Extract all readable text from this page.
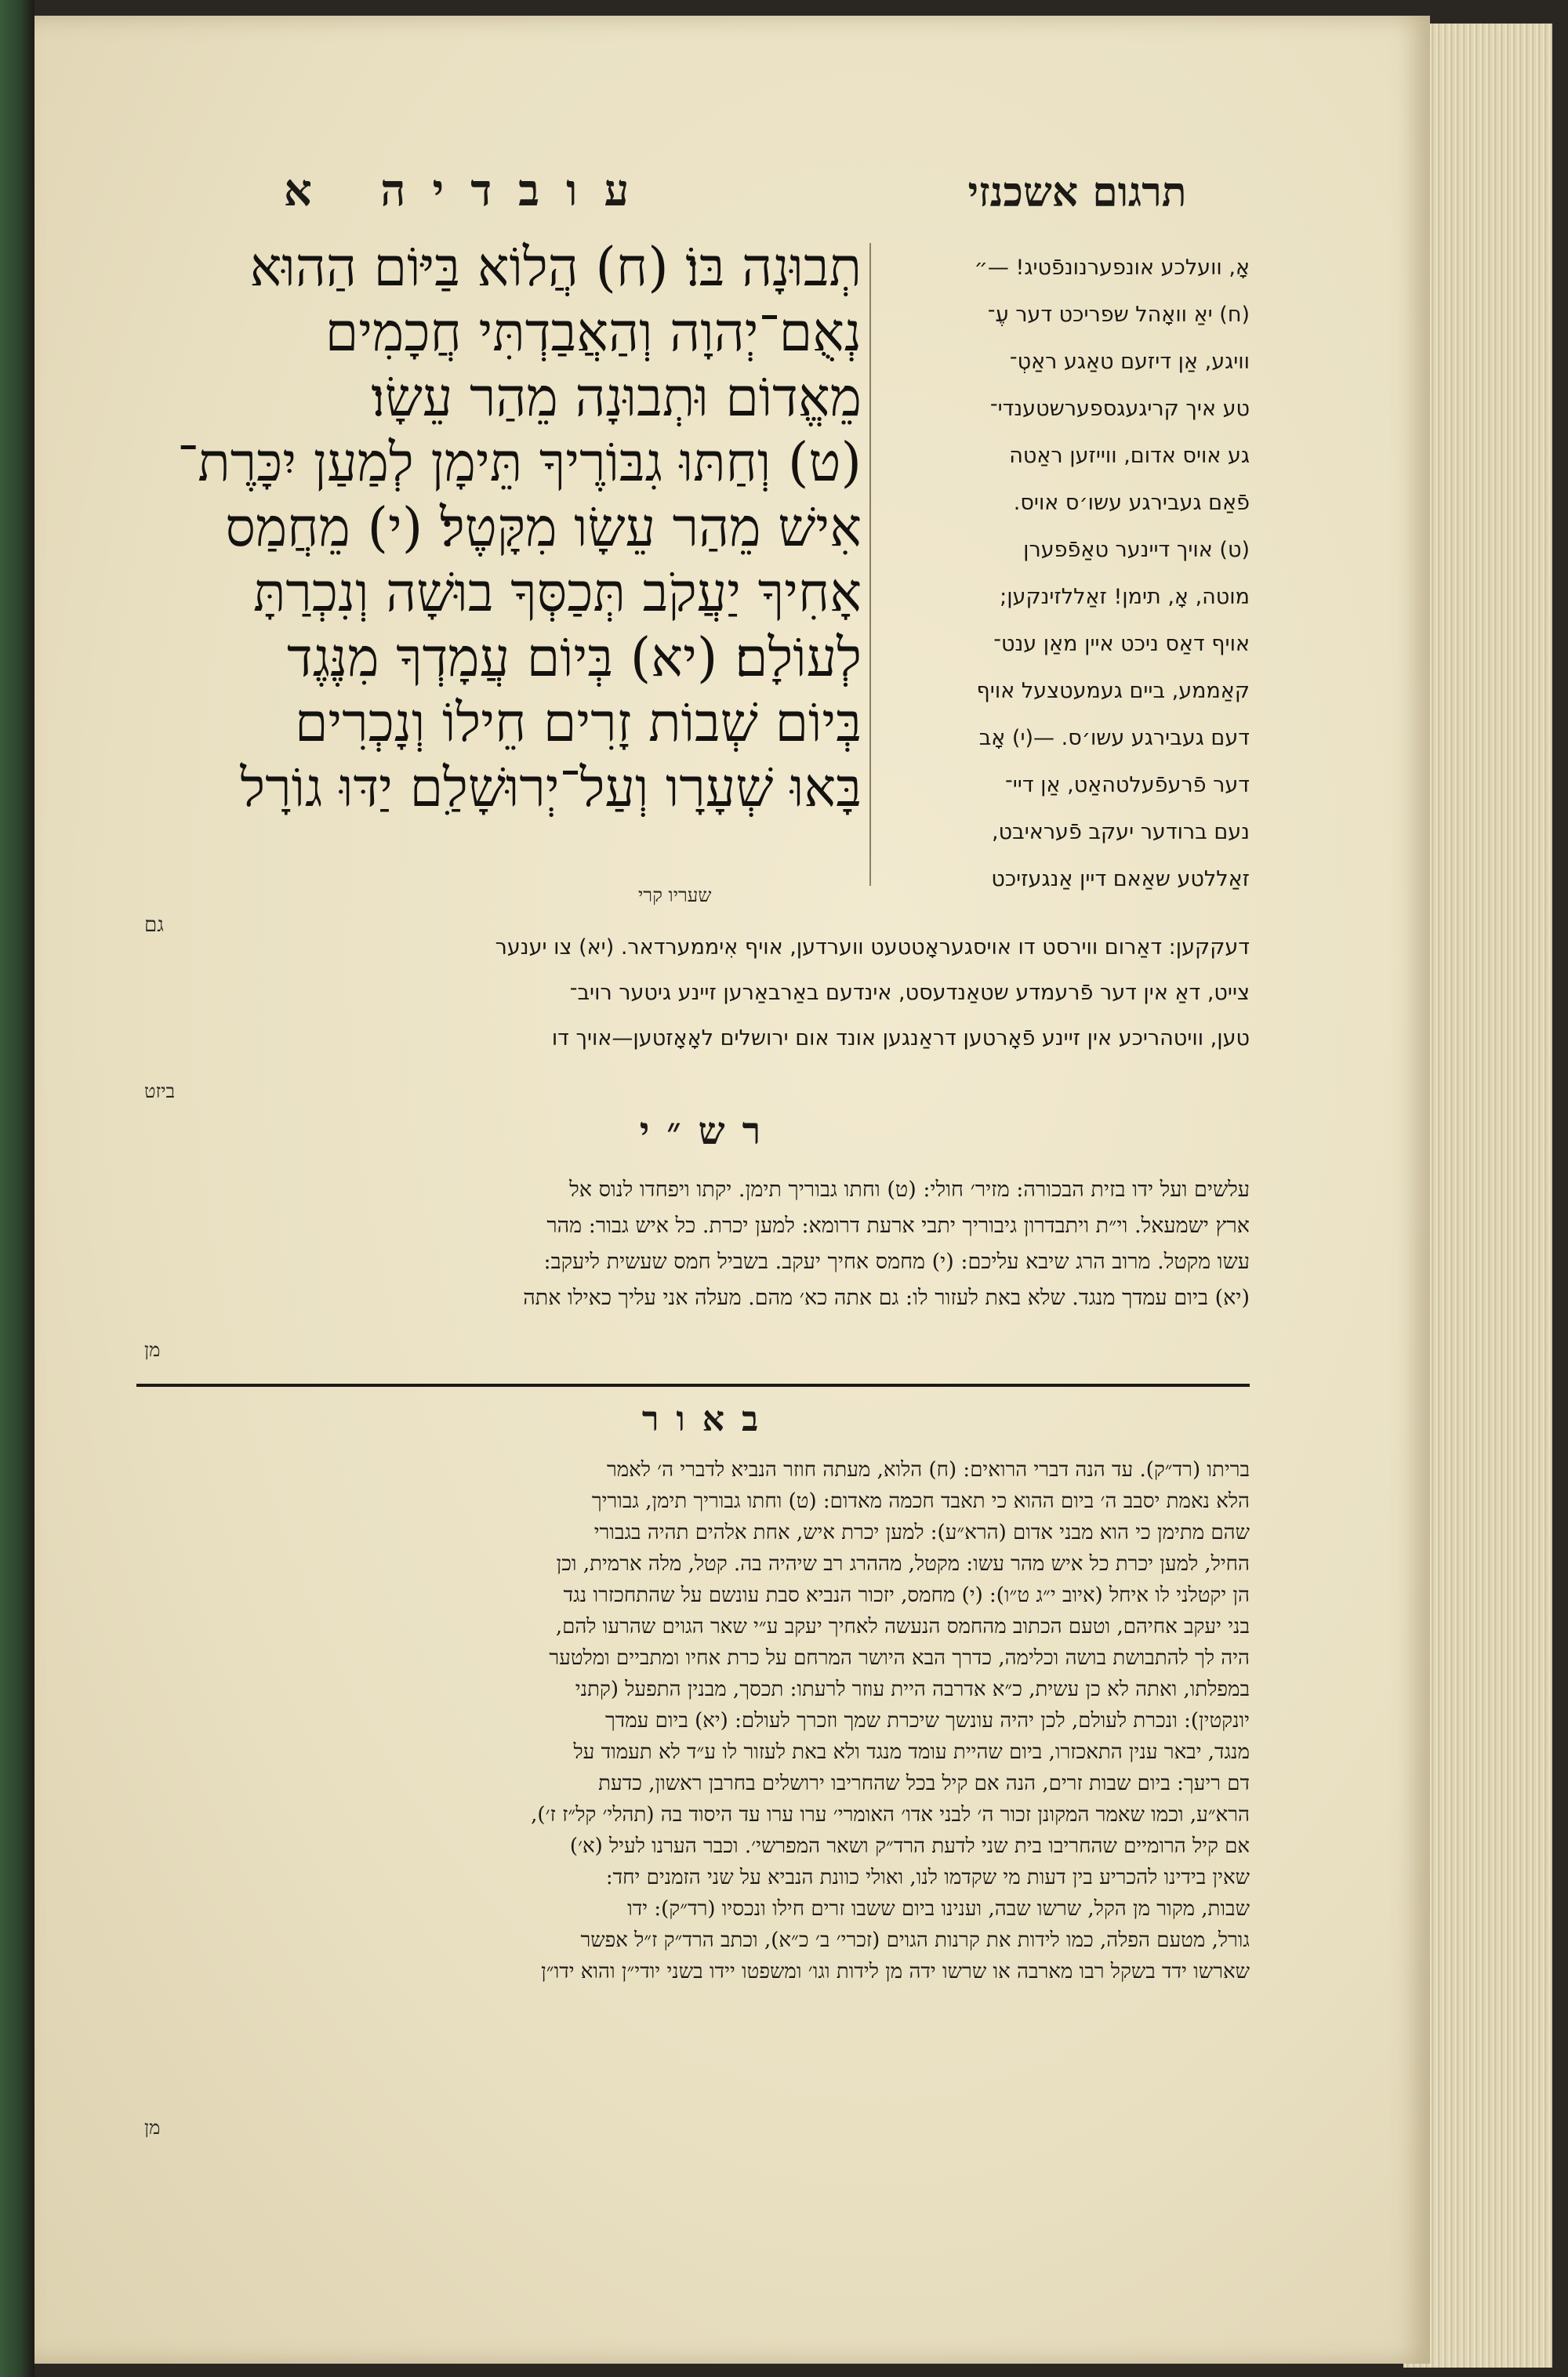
עובדיה א	תרגום אשכנזי
תְבוּנָה בּוֹ׃ (ח) הֲלוֹא בַּיּוֹם הַהוּא
נְאֻם־יְהוָה וְהַאֲבַדְתִּי חֲכָמִים
מֵאֱדוֹם וּתְבוּנָה מֵהַר עֵשָׂו׃
(ט) וְחַתּוּ גִבּוֹרֶיךָ תֵּימָן לְמַעַן יִכָּרֶת־
אִישׁ מֵהַר עֵשָׂו מִקָּטֶל׃ (י) מֵחֲמַס
אָחִיךָ יַעֲקֹב תְּכַסְּךָ בוּשָׁה וְנִכְרַתָּ
לְעוֹלָם׃ (יא) בְּיוֹם עֲמָדְךָ מִנֶּגֶד
בְּיוֹם שְׁבוֹת זָרִים חֵילוֹ וְנָכְרִים
בָּאוּ שְׁעָרָו וְעַל־יְרוּשָׁלִַם יַדּוּ גוֹרָל
אָ, וועלכע אונפערנונפֿטיג! —״
(ח) יאַ וואָהל שפריכט דער עֶ־
וויגע, אַן דיזעם טאַגע ראַטְ־
טע איך קריגעגספערשטענדי־
גע אויס אדום, ווייזען ראַטה
פֿאַם געבירגע עשו׳ס אויס.
(ט) אויך דיינער טאַפֿפערן
מוטה, אָ, תימן! זאַללזינקען;
אויף דאַס ניכט איין מאַן ענט־
קאַממע, ביים געמעטצעל אויף
דעם געבירגע עשו׳ס. —(י) אָב
דער פֿרעפֿעלטהאַט, אַן דיי־
נעם ברודער יעקב פֿעראיבט,
זאַללטע שאַאם דיין אַנגעזיכט
שעריו קרי
גם
דעקקען: דאַרום ווירסט דו אויסגעראָטטעט ווערדען, אויף אִיממערדאר. (יא) צו יענער
צייט, דאַ אין דער פֿרעמדע שטאַנדעסט, אינדעם באַרבאַרען זיינע גיטער רויב־
טען, וויטהריכע אין זיינע פֿאָרטען דראַנגען אונד אום ירושלים לאָאָזטען—אויך דו
ביזט
רש״י
עלשים ועל ידו בזית הבכורה: מזיר׳ חולי: (ט) וחתו גבוריך תימן. יקתו ויפחדו לנוס אל
ארץ ישמעאל. וי״ת ויתבדרון גיבוריך יתבי ארעת דרומא: למען יכרת. כל איש גבור: מהר
עשו מקטל. מרוב הרג שיבא עליכם: (י) מחמס אחיך יעקב. בשביל חמס שעשית ליעקב:
(יא) ביום עמדך מנגד. שלא באת לעזור לו: גם אתה כא׳ מהם. מעלה אני עליך כאילו אתה
מן
באור
בריתו (רד״ק). עד הנה דברי הרואים: (ח) הלוא, מעתה חוזר הנביא לדברי ה׳ לאמר
הלא נאמת יסבב ה׳ ביום ההוא כי תאבד חכמה מאדום: (ט) וחתו גבוריך תימן, גבוריך
שהם מתימן כי הוא מבני אדום (הרא״ע): למען יכרת איש, אחת אלהים תהיה בגבורי
החיל, למען יכרת כל איש מהר עשו: מקטל, מההרג רב שיהיה בה. קטל, מלה ארמית, וכן
הן יקטלני לו איחל (איוב י״ג ט״ו): (י) מחמס, יזכור הנביא סבת עונשם על שהתחכזרו נגד
בני יעקב אחיהם, וטעם הכתוב מהחמס הנעשה לאחיך יעקב ע״י שאר הגוים שהרעו להם,
היה לך להתבושת בושה וכלימה, כדרך הבא היושר המרחם על כרת אחיו ומתביים ומלטער
במפלתו, ואתה לא כן עשית, כ״א אדרבה היית עוזר לרעתו: תכסך, מבנין התפעל (קתני
יונקטין): ונכרת לעולם, לכן יהיה עונשך שיכרת שמך וזכרך לעולם: (יא) ביום עמדך
מנגד, יבאר ענין התאכזרו, ביום שהיית עומד מנגד ולא באת לעזור לו ע״ד לא תעמוד על
דם ריעך: ביום שבות זרים, הנה אם קיל בכל שהחריבו ירושלים בחרבן ראשון, כדעת
הרא״ע, וכמו שאמר המקונן זכור ה׳ לבני אדו׳ האומרי׳ ערו ערו עד היסוד בה (תהלי׳ קל״ז ז׳),
אם קיל הרומיים שהחריבו בית שני לדעת הרד״ק ושאר המפרשי׳. וכבר הערנו לעיל (א׳)
שאין בידינו להכריע בין דעות מי שקדמו לנו, ואולי כוונת הנביא על שני הזמנים יחד:
שבות, מקור מן הקל, שרשו שבה, וענינו ביום ששבו זרים חילו ונכסיו (רד״ק): ידו
גורל, מטעם הפלה, כמו לידות את קרנות הגוים (זכרי׳ ב׳ כ״א), וכתב הרד״ק ז״ל אפשר
שארשו ידד בשקל רבו מארבה או שרשו ידה מן לידות וגו׳ ומשפטו יידו בשני יודי״ן והוא ידו״ן
מן
